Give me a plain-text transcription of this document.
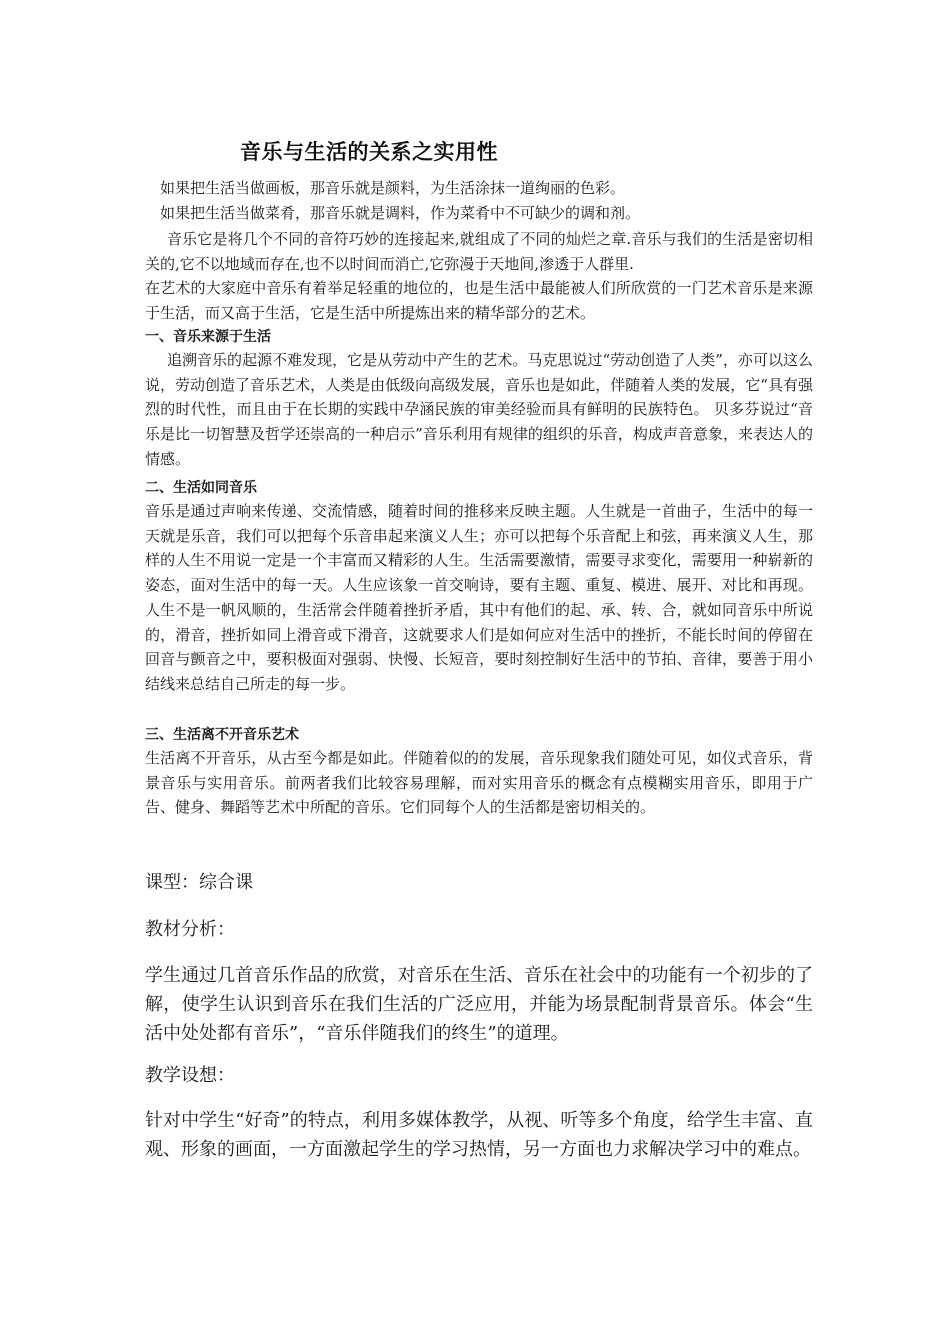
音乐与生活的关系之实用性

如果把生活当做画板，那音乐就是颜料，为生活涂抹一道绚丽的色彩。

如果把生活当做菜肴，那音乐就是调料，作为菜肴中不可缺少的调和剂。

音乐它是将几个不同的音符巧妙的连接起来,就组成了不同的灿烂之章.音乐与我们的生活是密切相关的,它不以地域而存在,也不以时间而消亡,它弥漫于天地间,渗透于人群里.

在艺术的大家庭中音乐有着举足轻重的地位的，也是生活中最能被人们所欣赏的一门艺术音乐是来源于生活，而又高于生活，它是生活中所提炼出来的精华部分的艺术。

一、音乐来源于生活

追溯音乐的起源不难发现，它是从劳动中产生的艺术。马克思说过“劳动创造了人类”，亦可以这么说，劳动创造了音乐艺术，人类是由低级向高级发展，音乐也是如此，伴随着人类的发展，它“具有强烈的时代性，而且由于在长期的实践中孕涵民族的审美经验而具有鲜明的民族特色。 贝多芬说过“音乐是比一切智慧及哲学还崇高的一种启示”音乐利用有规律的组织的乐音，构成声音意象，来表达人的情感。

二、生活如同音乐

音乐是通过声响来传递、交流情感，随着时间的推移来反映主题。人生就是一首曲子，生活中的每一天就是乐音，我们可以把每个乐音串起来演义人生；亦可以把每个乐音配上和弦，再来演义人生，那样的人生不用说一定是一个丰富而又精彩的人生。生活需要激情，需要寻求变化，需要用一种崭新的姿态，面对生活中的每一天。人生应该象一首交响诗，要有主题、重复、模进、展开、对比和再现。人生不是一帆风顺的，生活常会伴随着挫折矛盾，其中有他们的起、承、转、合，就如同音乐中所说的，滑音，挫折如同上滑音或下滑音，这就要求人们是如何应对生活中的挫折，不能长时间的停留在回音与颤音之中，要积极面对强弱、快慢、长短音，要时刻控制好生活中的节拍、音律，要善于用小结线来总结自己所走的每一步。

三、生活离不开音乐艺术

生活离不开音乐，从古至今都是如此。伴随着似的的发展，音乐现象我们随处可见，如仪式音乐，背景音乐与实用音乐。前两者我们比较容易理解，而对实用音乐的概念有点模糊实用音乐，即用于广告、健身、舞蹈等艺术中所配的音乐。它们同每个人的生活都是密切相关的。

课型：综合课

教材分析：

学生通过几首音乐作品的欣赏，对音乐在生活、音乐在社会中的功能有一个初步的了解，使学生认识到音乐在我们生活的广泛应用，并能为场景配制背景音乐。体会“生活中处处都有音乐”，“音乐伴随我们的终生”的道理。

教学设想：

针对中学生“好奇”的特点，利用多媒体教学，从视、听等多个角度，给学生丰富、直观、形象的画面，一方面激起学生的学习热情，另一方面也力求解决学习中的难点。
